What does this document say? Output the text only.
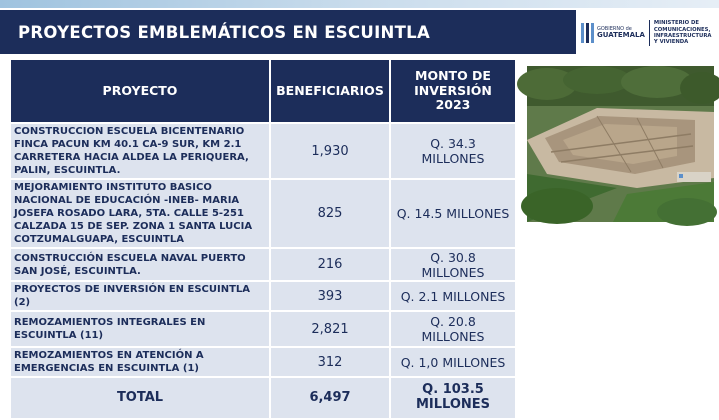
PROYECTOS EMBLEMÁTICOS EN ESCUINTLA	GOBIERNO de
GUATEMALA
MINISTERIO DE
COMUNICACIONES,
INFRAESTRUCTURA
Y VIVIENDA
PROYECTO	BENEFICIARIOS	MONTO DE
INVERSIÓN
2023

CONSTRUCCION ESCUELA BICENTENARIO FINCA PACUN KM 40.1 CA-9 SUR, KM 2.1 CARRETERA HACIA ALDEA LA PERIQUERA, PALIN, ESCUINTLA.	1,930	Q. 34.3
MILLONES

MEJORAMIENTO INSTITUTO BASICO NACIONAL DE EDUCACIÓN -INEB- MARIA JOSEFA ROSADO LARA, 5TA. CALLE 5-251 CALZADA 15 DE SEP. ZONA 1 SANTA LUCIA COTZUMALGUAPA, ESCUINTLA	825	Q. 14.5 MILLONES

CONSTRUCCIÓN ESCUELA NAVAL PUERTO SAN JOSÉ, ESCUINTLA.	216	Q. 30.8
MILLONES

PROYECTOS DE INVERSIÓN EN ESCUINTLA (2)	393	Q. 2.1 MILLONES

REMOZAMIENTOS INTEGRALES EN ESCUINTLA (11)	2,821	Q. 20.8
MILLONES

REMOZAMIENTOS EN ATENCIÓN A EMERGENCIAS EN ESCUINTLA (1)	312	Q. 1,0 MILLONES

TOTAL	6,497	Q. 103.5
MILLONES
